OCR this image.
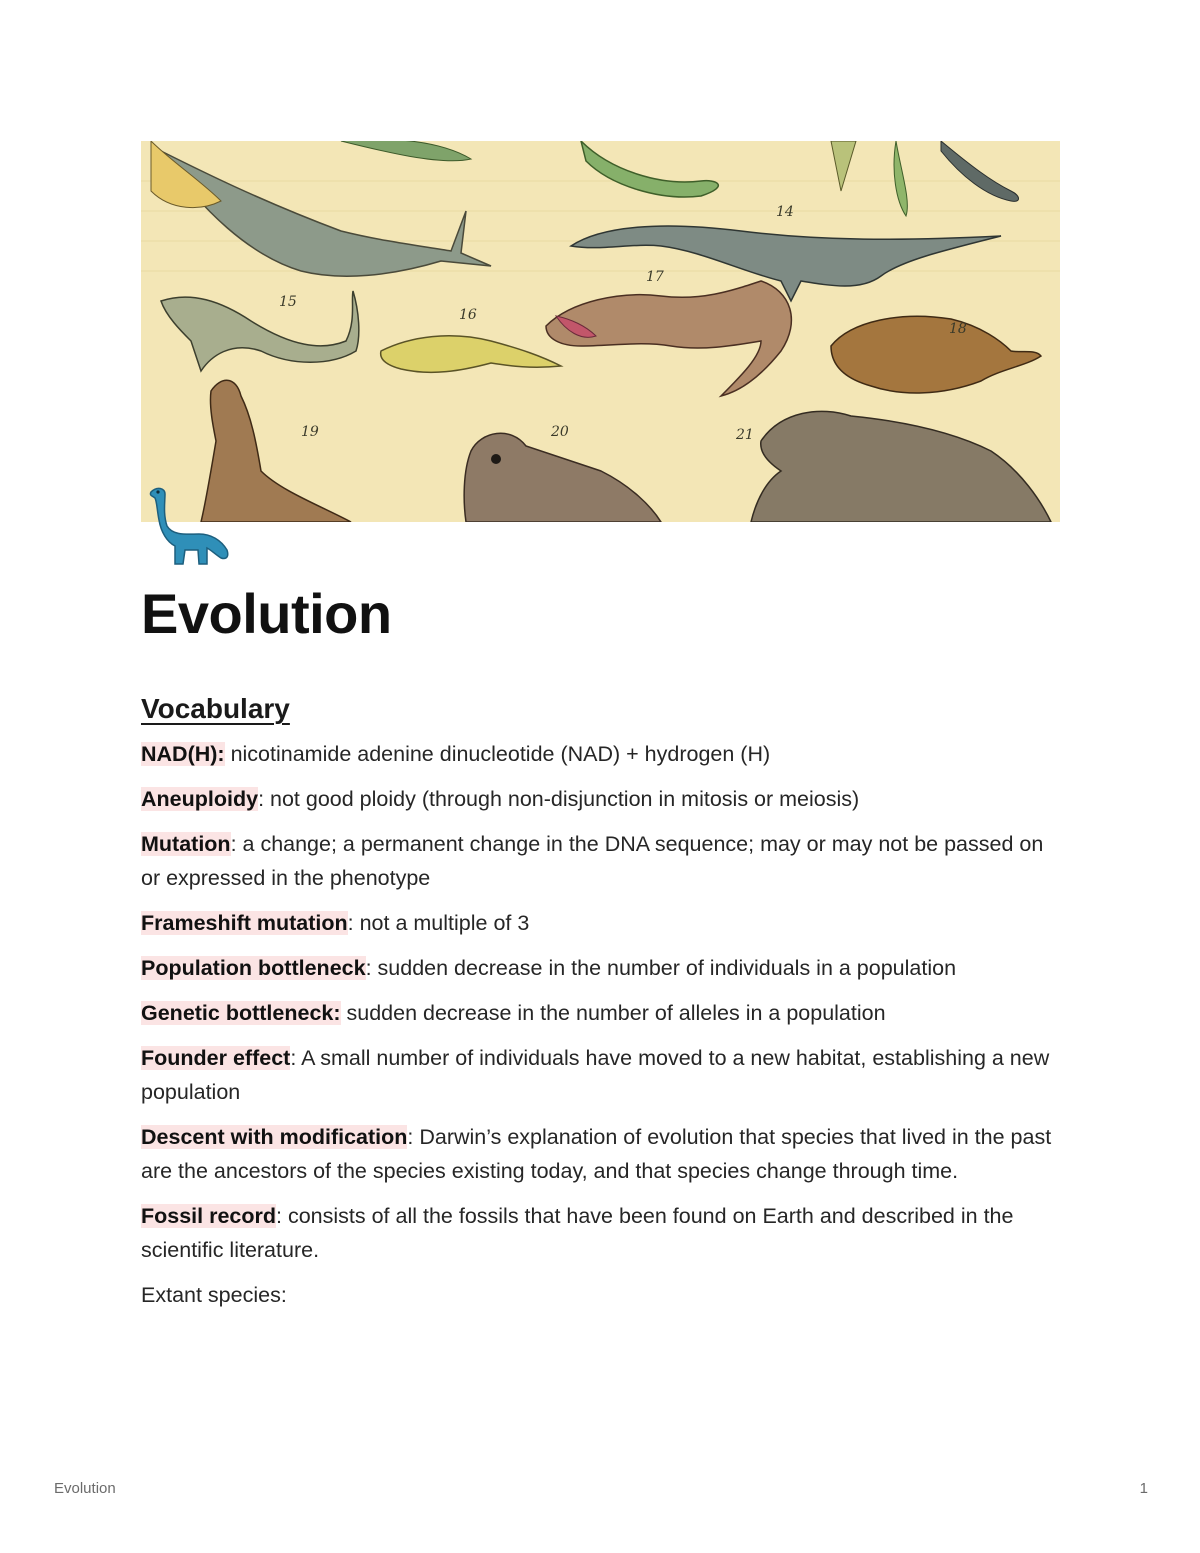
14
15
16
17
18
19	20	21
Evolution
Vocabulary
NAD(H): nicotinamide adenine dinucleotide (NAD) + hydrogen (H)
Aneuploidy: not good ploidy (through non-disjunction in mitosis or meiosis)
Mutation: a change; a permanent change in the DNA sequence; may or may not be passed on or expressed in the phenotype
Frameshift mutation: not a multiple of 3
Population bottleneck: sudden decrease in the number of individuals in a population
Genetic bottleneck: sudden decrease in the number of alleles in a population
Founder effect: A small number of individuals have moved to a new habitat, establishing a new population
Descent with modification: Darwin’s explanation of evolution that species that lived in the past are the ancestors of the species existing today, and that species change through time.
Fossil record: consists of all the fossils that have been found on Earth and described in the scientific literature.
Extant species:
Evolution	1
